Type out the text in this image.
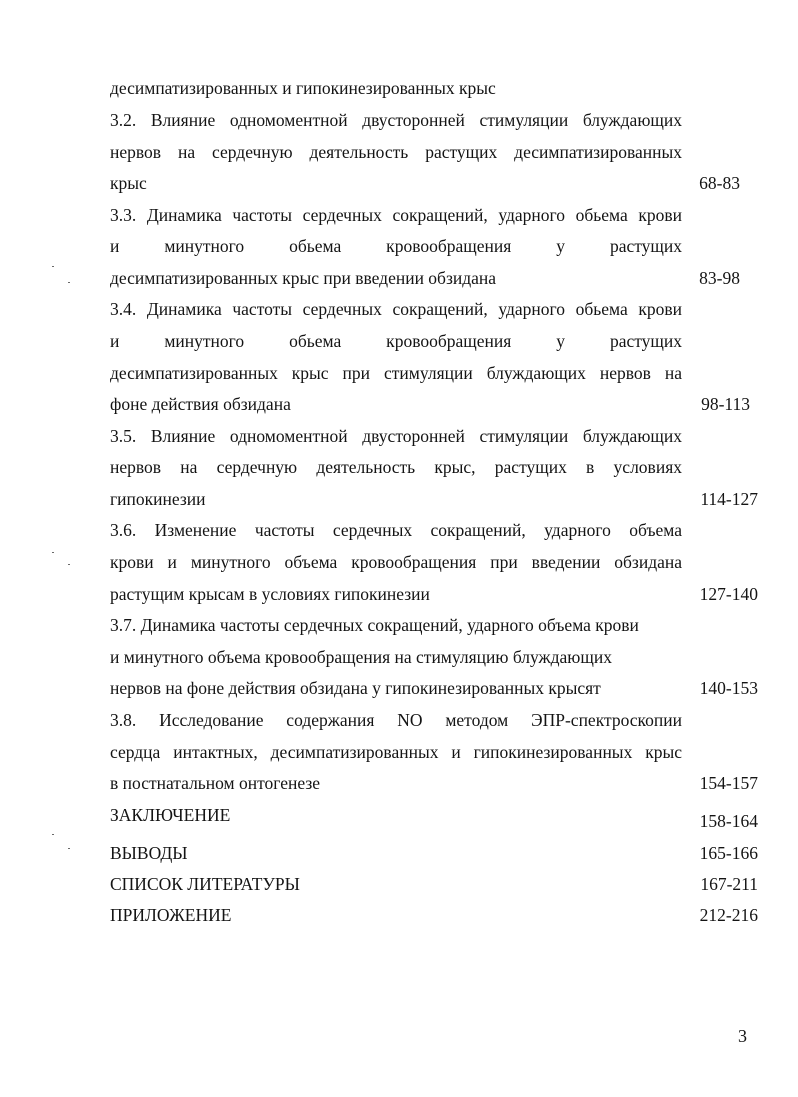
десимпатизированных и гипокинезированных крыс
3.2. Влияние одномоментной двусторонней стимуляции блуждающих
нервов на сердечную деятельность растущих десимпатизированных
крыс	68-83
3.3. Динамика частоты сердечных сокращений, ударного обьема крови
и минутного обьема кровообращения у растущих
десимпатизированных крыс при введении обзидана	83-98
3.4. Динамика частоты сердечных сокращений, ударного обьема крови
и минутного обьема кровообращения у растущих
десимпатизированных крыс при стимуляции блуждающих нервов на
фоне действия обзидана	98-113
3.5. Влияние одномоментной двусторонней стимуляции блуждающих
нервов на сердечную деятельность крыс, растущих в условиях
гипокинезии	114-127
3.6. Изменение частоты сердечных сокращений, ударного объема
крови и минутного объема кровообращения при введении обзидана
растущим крысам в условиях гипокинезии	127-140
3.7. Динамика частоты сердечных сокращений, ударного объема крови
и минутного объема кровообращения на стимуляцию блуждающих
нервов на фоне действия обзидана у гипокинезированных крысят	140-153
3.8. Исследование содержания NO методом ЭПР-спектроскопии
сердца интактных, десимпатизированных и гипокинезированных крыс
в постнатальном онтогенезе	154-157
ЗАКЛЮЧЕНИЕ	158-164
ВЫВОДЫ	165-166
СПИСОК ЛИТЕРАТУРЫ	167-211
ПРИЛОЖЕНИЕ	212-216
3
